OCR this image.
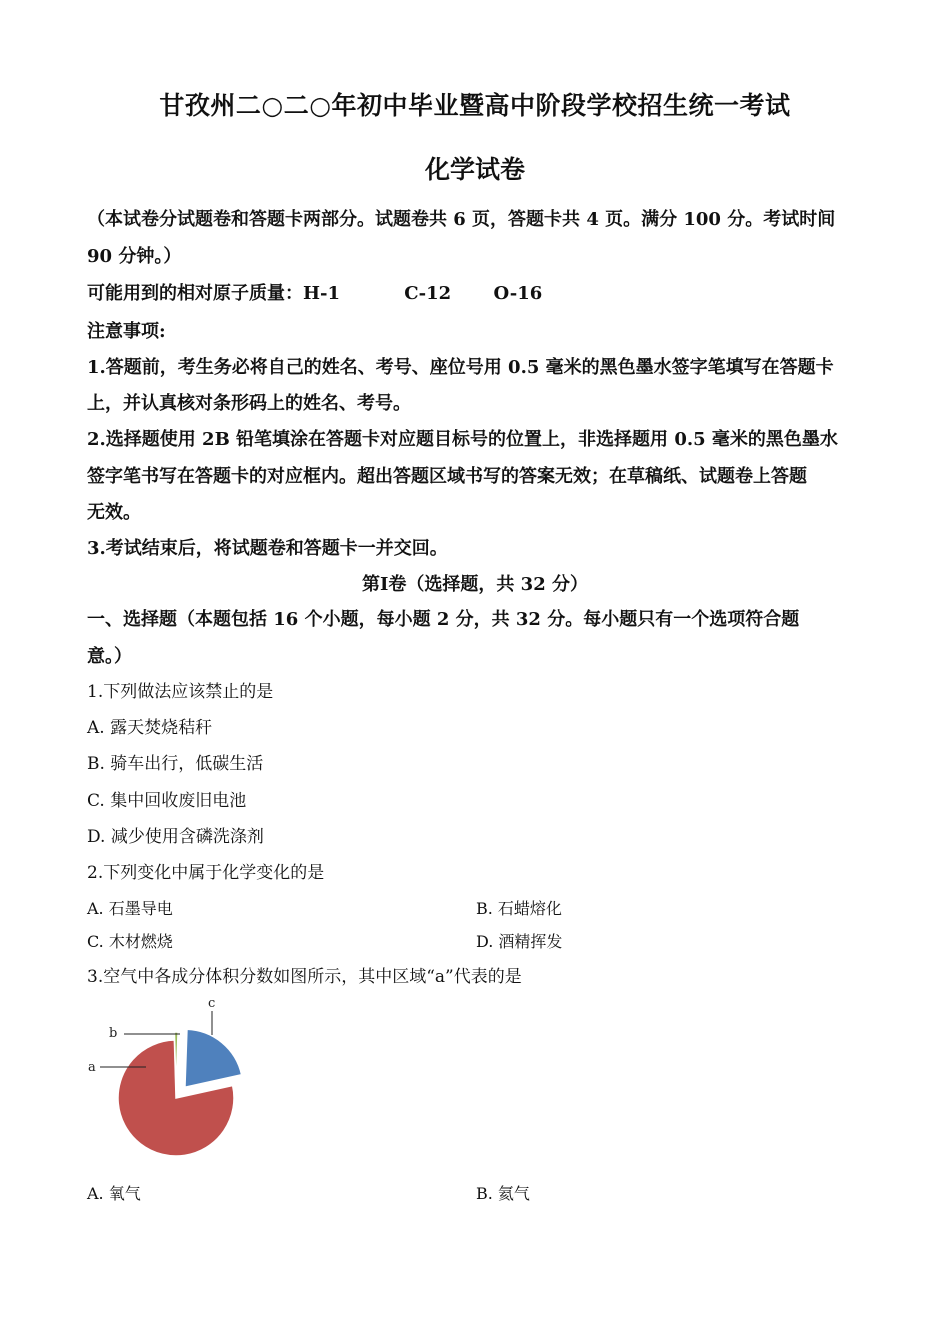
甘孜州二○二○年初中毕业暨高中阶段学校招生统一考试
化学试卷
（本试卷分试题卷和答题卡两部分。试题卷共 6 页，答题卡共 4 页。满分 100 分。考试时间
90 分钟。）
可能用到的相对原子质量：H-1	C-12 O-16
注意事项:
1.答题前，考生务必将自己的姓名、考号、座位号用 0.5 毫米的黑色墨水签字笔填写在答题卡
上，并认真核对条形码上的姓名、考号。
2.选择题使用 2B 铅笔填涂在答题卡对应题目标号的位置上，非选择题用 0.5 毫米的黑色墨水
签字笔书写在答题卡的对应框内。超出答题区域书写的答案无效；在草稿纸、试题卷上答题
无效。
3.考试结束后，将试题卷和答题卡一并交回。
第Ⅰ卷（选择题，共 32 分）
一、选择题（本题包括 16 个小题，每小题 2 分，共 32 分。每小题只有一个选项符合题
意。）
1.下列做法应该禁止的是
A. 露天焚烧秸秆
B. 骑车出行，低碳生活
C. 集中回收废旧电池
D. 减少使用含磷洗涤剂
2.下列变化中属于化学变化的是
A. 石墨导电	B. 石蜡熔化
C. 木材燃烧	D. 酒精挥发
3.空气中各成分体积分数如图所示，其中区域“a”代表的是
a
b
c
A. 氧气	B. 氦气
